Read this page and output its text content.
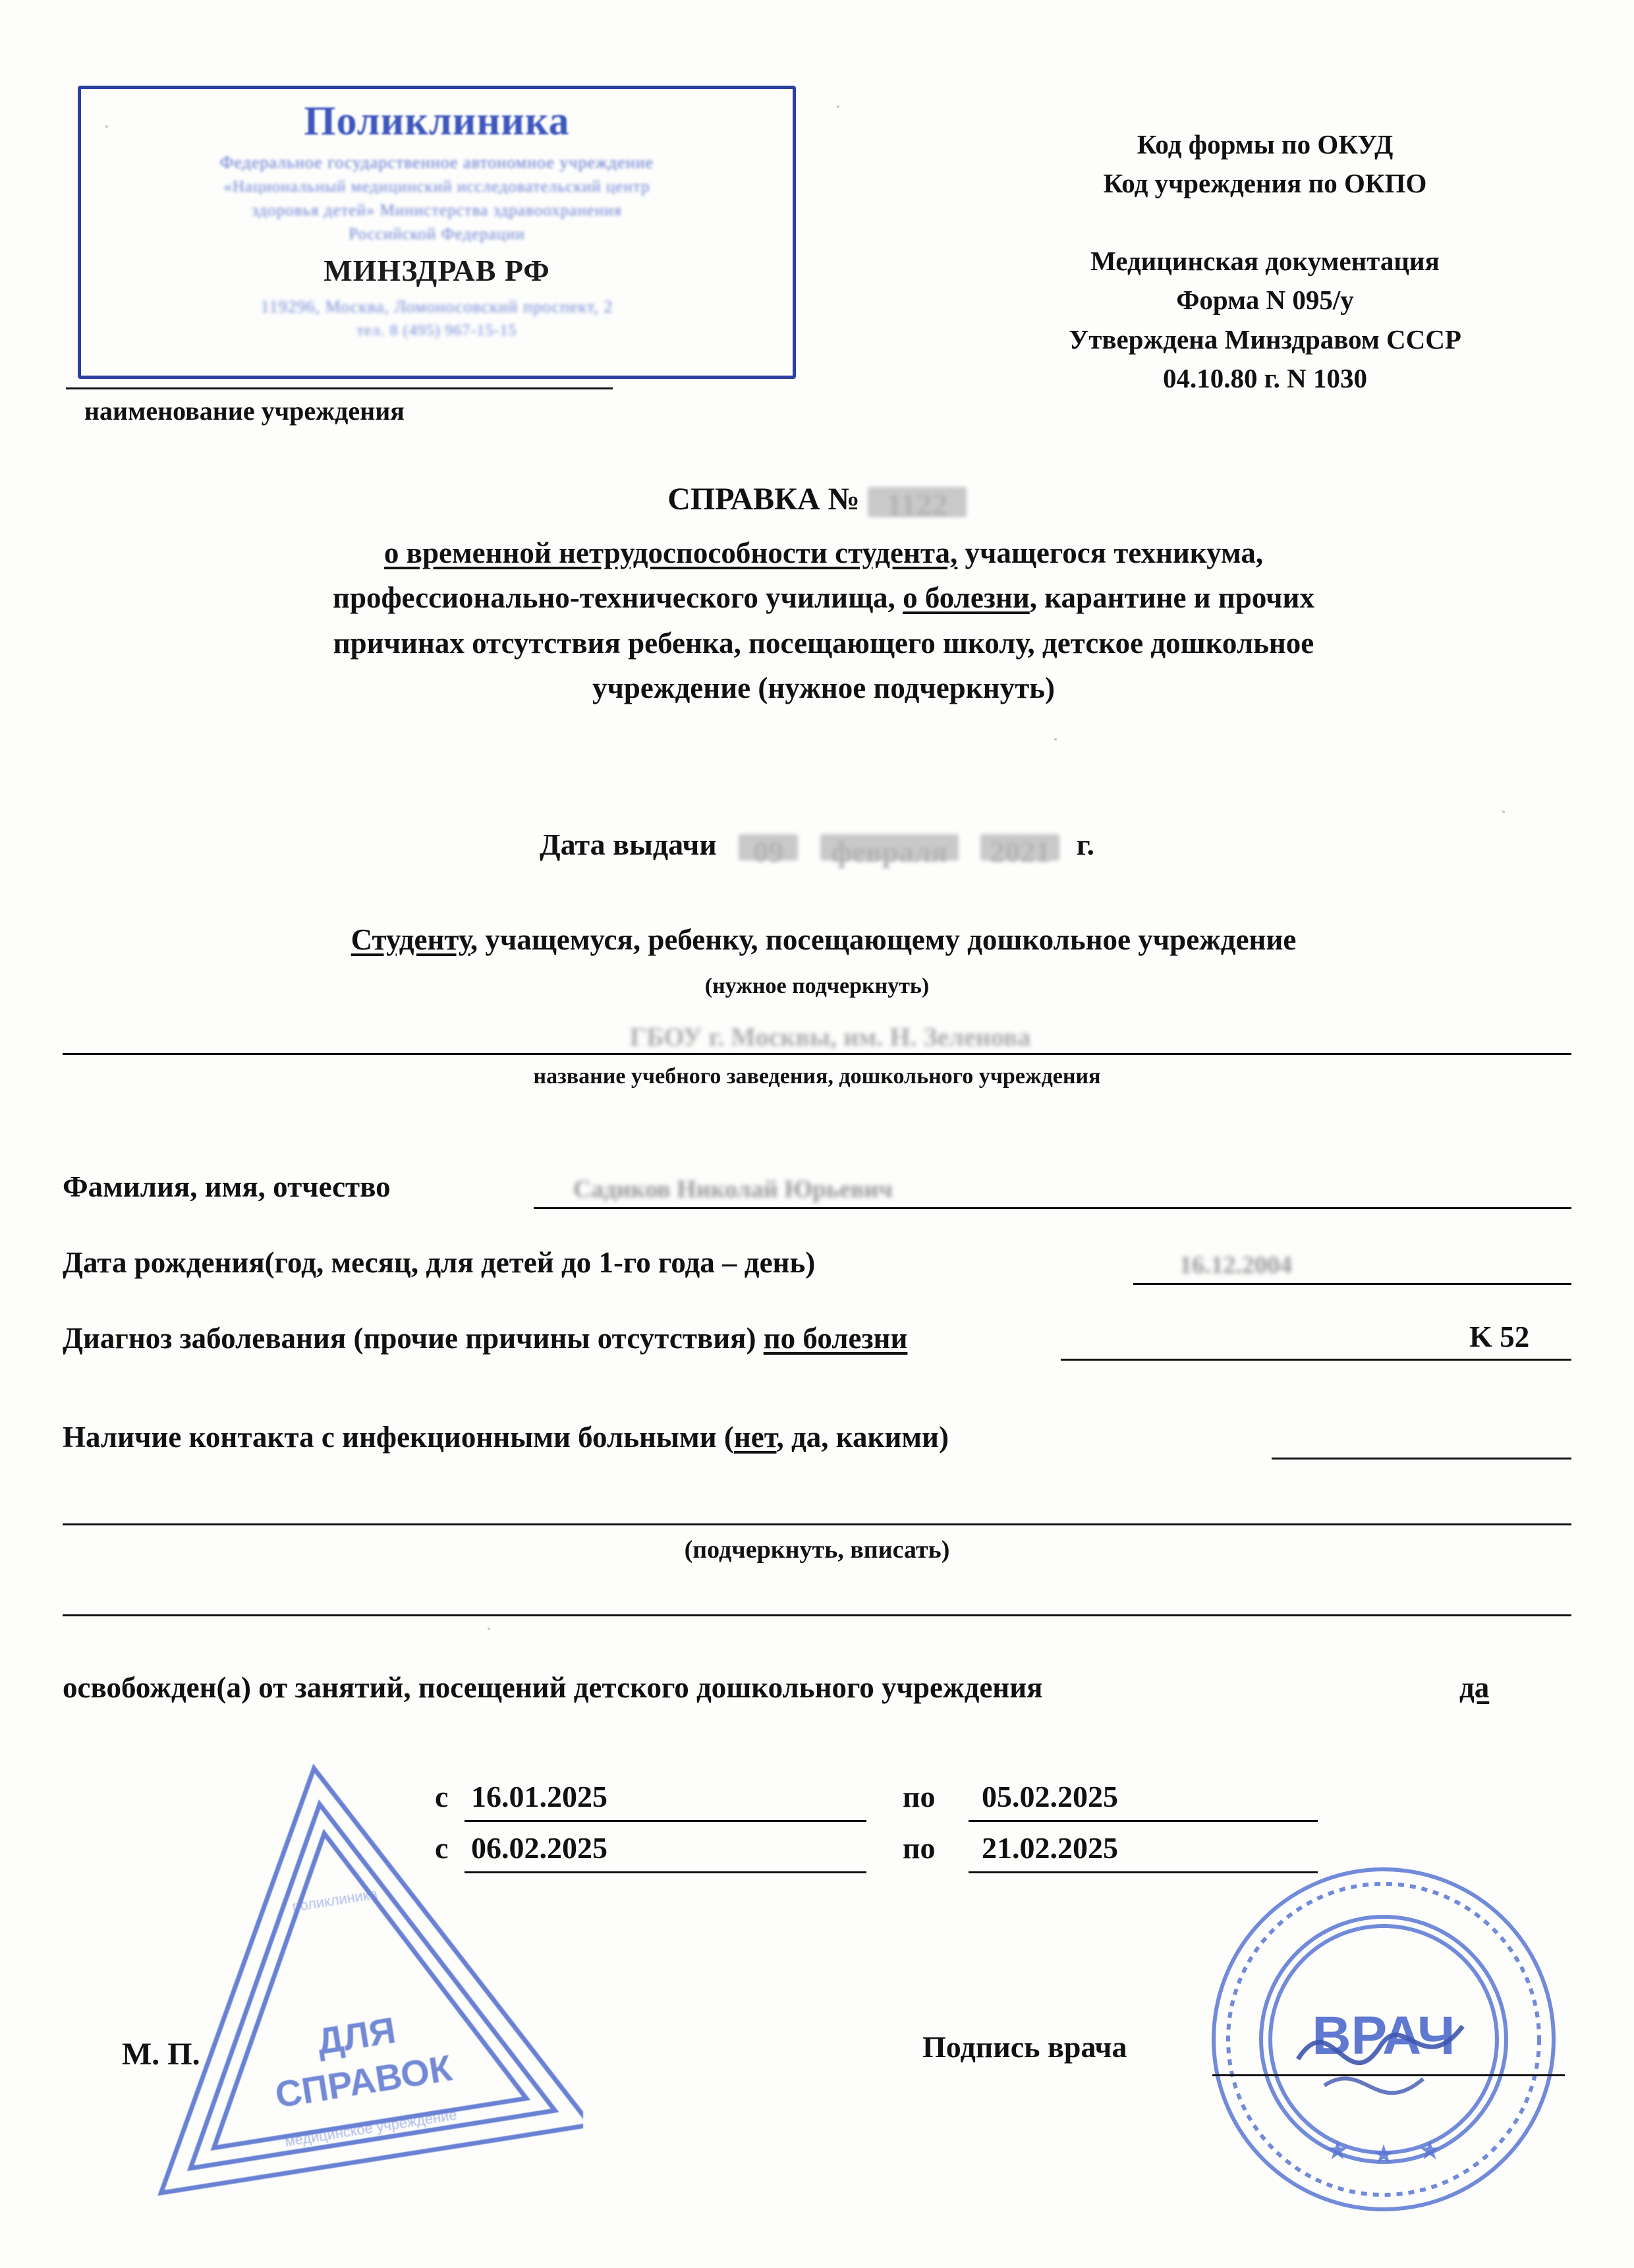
Поликлиника
Федеральное государственное автономное учреждение
«Национальный медицинский исследовательский центр
здоровья детей» Министерства здравоохранения
Российской Федерации
МИНЗДРАВ РФ
119296, Москва, Ломоносовский проспект, 2
тел. 8 (495) 967-15-15
наименование учреждения
Код формы по ОКУД
Код учреждения по ОКПО
Медицинская документация
Форма N 095/у
Утверждена Минздравом СССР
04.10.80 г. N 1030
СПРАВКА № 1122
о временной нетрудоспособности студента, учащегося техникума,
профессионально-технического училища, о болезни, карантине и прочих
причинах отсутствия ребенка, посещающего школу, детское дошкольное
учреждение (нужное подчеркнуть)
Дата выдачи 09 февраля 2021 г.
Студенту, учащемуся, ребенку, посещающему дошкольное учреждение
(нужное подчеркнуть)
ГБОУ г. Москвы, им. Н. Зеленова
название учебного заведения, дошкольного учреждения
Фамилия, имя, отчество	Садиков Николай Юрьевич
Дата рождения(год, месяц, для детей до 1-го года – день)	16.12.2004
Диагноз заболевания (прочие причины отсутствия) по болезни	K 52
Наличие контакта с инфекционными больными (нет, да, какими)
(подчеркнуть, вписать)
освобожден(а) от занятий, посещений детского дошкольного учреждения	да
с 16.01.2025	по 05.02.2025
с 06.02.2025	по 21.02.2025
ДЛЯ
СПРАВОК
медицинское учреждение
поликлиника
ВРАЧ
★ ★ ★
М. П.	Подпись врача
